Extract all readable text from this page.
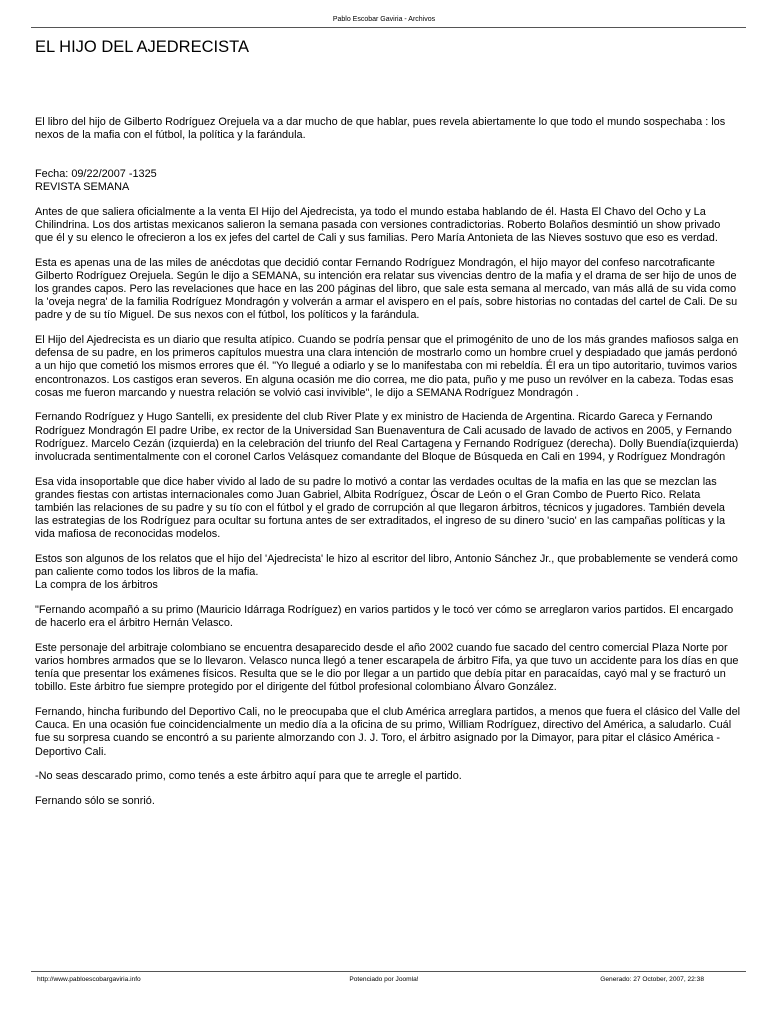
Pablo Escobar Gaviria - Archivos
EL HIJO DEL AJEDRECISTA

El libro del hijo de Gilberto Rodríguez Orejuela va a dar mucho de que hablar, pues revela abiertamente lo que todo el mundo sospechaba : los nexos de la mafia con el fútbol, la política y la farándula.

Fecha: 09/22/2007 -1325
REVISTA SEMANA

Antes de que saliera oficialmente a la venta El Hijo del Ajedrecista, ya todo el mundo estaba hablando de él. Hasta El Chavo del Ocho y La Chilindrina. Los dos artistas mexicanos salieron la semana pasada con versiones contradictorias. Roberto Bolaños desmintió un show privado que él y su elenco le ofrecieron a los ex jefes del cartel de Cali y sus familias. Pero María Antonieta de las Nieves sostuvo que eso es verdad.

Esta es apenas una de las miles de anécdotas que decidió contar Fernando Rodríguez Mondragón, el hijo mayor del confeso narcotraficante Gilberto Rodríguez Orejuela. Según le dijo a SEMANA, su intención era relatar sus vivencias dentro de la mafia y el drama de ser hijo de unos de los grandes capos. Pero las revelaciones que hace en las 200 páginas del libro, que sale esta semana al mercado, van más allá de su vida como la 'oveja negra' de la familia Rodríguez Mondragón y volverán a armar el avispero en el país, sobre historias no contadas del cartel de Cali. De su padre y de su tío Miguel. De sus nexos con el fútbol, los políticos y la farándula.

El Hijo del Ajedrecista es un diario que resulta atípico. Cuando se podría pensar que el primogénito de uno de los más grandes mafiosos salga en defensa de su padre, en los primeros capítulos muestra una clara intención de mostrarlo como un hombre cruel y despiadado que jamás perdonó a un hijo que cometió los mismos errores que él. "Yo llegué a odiarlo y se lo manifestaba con mi rebeldía. Él era un tipo autoritario, tuvimos varios encontronazos. Los castigos eran severos. En alguna ocasión me dio correa, me dio pata, puño y me puso un revólver en la cabeza. Todas esas cosas me fueron marcando y nuestra relación se volvió casi invivible", le dijo a SEMANA Rodríguez Mondragón .

Fernando Rodríguez y Hugo Santelli, ex presidente del club River Plate y ex ministro de Hacienda de Argentina. Ricardo Gareca y Fernando Rodríguez Mondragón El padre Uribe, ex rector de la Universidad San Buenaventura de Cali acusado de lavado de activos en 2005, y Fernando Rodríguez. Marcelo Cezán (izquierda) en la celebración del triunfo del Real Cartagena y Fernando Rodríguez (derecha). Dolly Buendía(izquierda) involucrada sentimentalmente con el coronel Carlos Velásquez comandante del Bloque de Búsqueda en Cali en 1994, y Rodríguez Mondragón

Esa vida insoportable que dice haber vivido al lado de su padre lo motivó a contar las verdades ocultas de la mafia en las que se mezclan las grandes fiestas con artistas internacionales como Juan Gabriel, Albita Rodríguez, Óscar de León o el Gran Combo de Puerto Rico. Relata también las relaciones de su padre y su tío con el fútbol y el grado de corrupción al que llegaron árbitros, técnicos y jugadores. También devela las estrategias de los Rodríguez para ocultar su fortuna antes de ser extraditados, el ingreso de su dinero 'sucio' en las campañas políticas y la vida mafiosa de reconocidas modelos.

Estos son algunos de los relatos que el hijo del 'Ajedrecista' le hizo al escritor del libro, Antonio Sánchez Jr., que probablemente se venderá como pan caliente como todos los libros de la mafia.
La compra de los árbitros

"Fernando acompañó a su primo (Mauricio Idárraga Rodríguez) en varios partidos y le tocó ver cómo se arreglaron varios partidos. El encargado de hacerlo era el árbitro Hernán Velasco.

Este personaje del arbitraje colombiano se encuentra desaparecido desde el año 2002 cuando fue sacado del centro comercial Plaza Norte por varios hombres armados que se lo llevaron. Velasco nunca llegó a tener escarapela de árbitro Fifa, ya que tuvo un accidente para los días en que tenía que presentar los exámenes físicos. Resulta que se le dio por llegar a un partido que debía pitar en paracaídas, cayó mal y se fracturó un tobillo. Este árbitro fue siempre protegido por el dirigente del fútbol profesional colombiano Álvaro González.

Fernando, hincha furibundo del Deportivo Cali, no le preocupaba que el club América arreglara partidos, a menos que fuera el clásico del Valle del Cauca. En una ocasión fue coincidencialmente un medio día a la oficina de su primo, William Rodríguez, directivo del América, a saludarlo. Cuál fue su sorpresa cuando se encontró a su pariente almorzando con J. J. Toro, el árbitro asignado por la Dimayor, para pitar el clásico América - Deportivo Cali.

-No seas descarado primo, como tenés a este árbitro aquí para que te arregle el partido.

Fernando sólo se sonrió.

http://www.pabloescobargaviria.info	Potenciado por Joomla!	Generado: 27 October, 2007, 22:38
